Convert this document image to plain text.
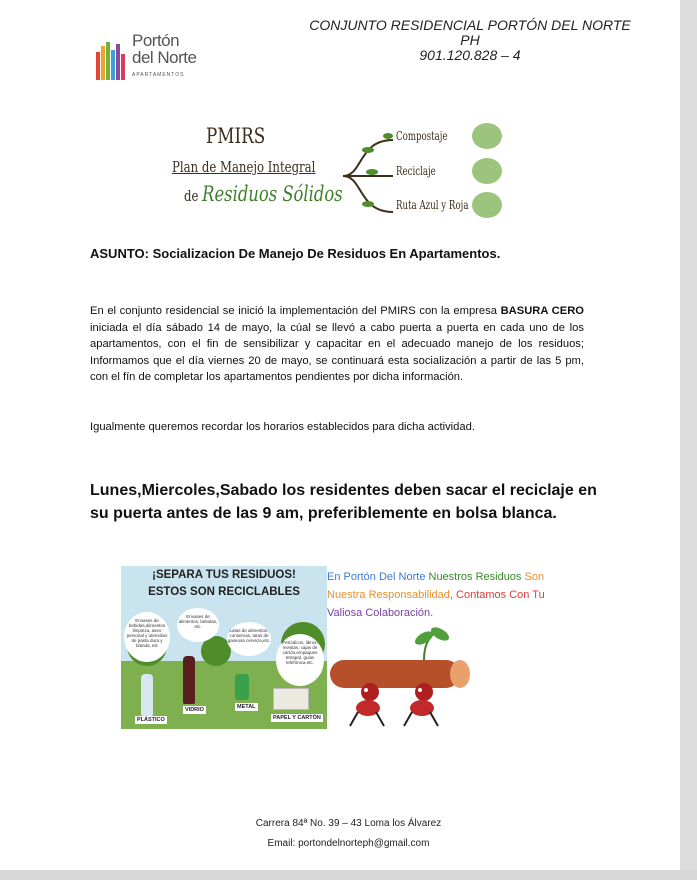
Portón
del Norte
APARTAMENTOS
CONJUNTO RESIDENCIAL PORTÓN DEL NORTE PH
901.120.828 – 4
PMIRS
Plan de Manejo Integral
de Residuos Sólidos
Compostaje
Reciclaje
Ruta Azul y Roja
ASUNTO: Socializacion De Manejo De Residuos En Apartamentos.
En el conjunto residencial se inició la implementación del PMIRS con la empresa BASURA CERO iniciada el día sábado 14 de mayo, la cúal se llevó a cabo puerta a puerta en cada uno de los apartamentos, con el fin de sensibilizar y capacitar en el adecuado manejo de los residuos; Informamos que el día viernes 20 de mayo, se continuará esta socialización a partir de las 5 pm, con el fín de completar los apartamentos pendientes por dicha información.
Igualmente queremos recordar los horarios establecidos para dicha actividad.
Lunes,Miercoles,Sabado los residentes deben sacar el reciclaje en su puerta antes de las 9 am, preferiblemente en bolsa blanca.
¡SEPARA TUS RESIDUOS!
ESTOS SON RECICLABLES
Envases de bebidas,alimentos limpieza, aseo personal y utensilios de pasta dura y blanda, etc
Envases de alimentos, bebidas, etc.
Latas de alimentos, conservas, tatas de gaseosa cerveza,etc.	Periódicos, libros, revistas, cajas de cartón,empaques tetrapat, guias telefónica,etc.
PLÁSTICO
VIDRIO	METAL
PAPEL Y CARTÓN
En Portón Del Norte Nuestros Residuos Son Nuestra Responsabilidad, Contamos Con Tu Valiosa Colaboración.
Carrera 84ª No. 39 – 43 Loma los Álvarez
Email: portondelnorteph@gmail.com
